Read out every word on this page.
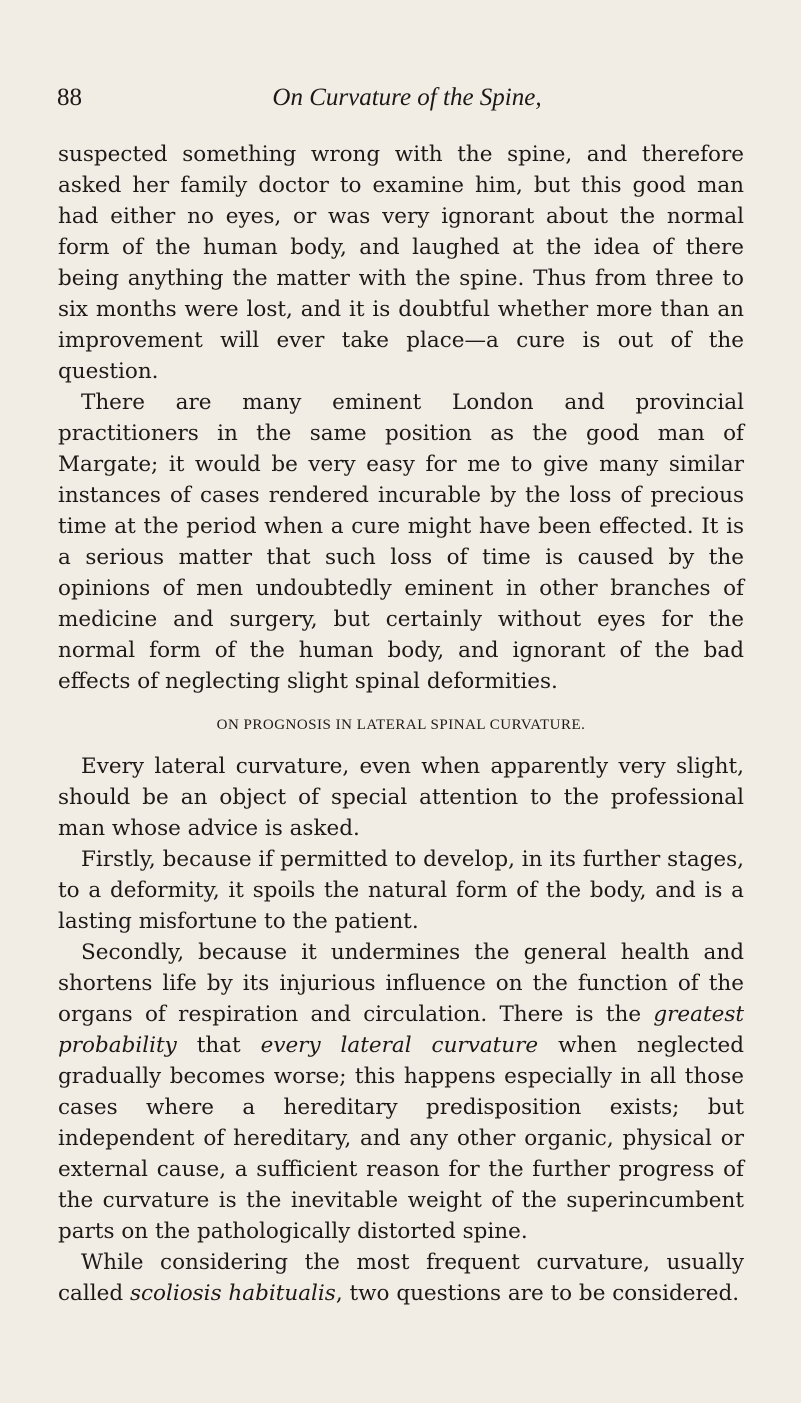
88	On Curvature of the Spine,

suspected something wrong with the spine, and therefore asked her family doctor to examine him, but this good man had either no eyes, or was very ignorant about the normal form of the human body, and laughed at the idea of there being anything the matter with the spine. Thus from three to six months were lost, and it is doubtful whether more than an improvement will ever take place—a cure is out of the question.

There are many eminent London and provincial practitioners in the same position as the good man of Margate; it would be very easy for me to give many similar instances of cases rendered incurable by the loss of precious time at the period when a cure might have been effected. It is a serious matter that such loss of time is caused by the opinions of men undoubtedly eminent in other branches of medicine and surgery, but certainly without eyes for the normal form of the human body, and ignorant of the bad effects of neglecting slight spinal deformities.

ON PROGNOSIS IN LATERAL SPINAL CURVATURE.

Every lateral curvature, even when apparently very slight, should be an object of special attention to the professional man whose advice is asked.

Firstly, because if permitted to develop, in its further stages, to a deformity, it spoils the natural form of the body, and is a lasting misfortune to the patient.

Secondly, because it undermines the general health and shortens life by its injurious influence on the function of the organs of respiration and circulation. There is the greatest probability that every lateral curvature when neglected gradually becomes worse; this happens especially in all those cases where a hereditary predisposition exists; but independent of hereditary, and any other organic, physical or external cause, a sufficient reason for the further progress of the curvature is the inevitable weight of the superincumbent parts on the pathologically distorted spine.

While considering the most frequent curvature, usually called scoliosis habitualis, two questions are to be considered.
